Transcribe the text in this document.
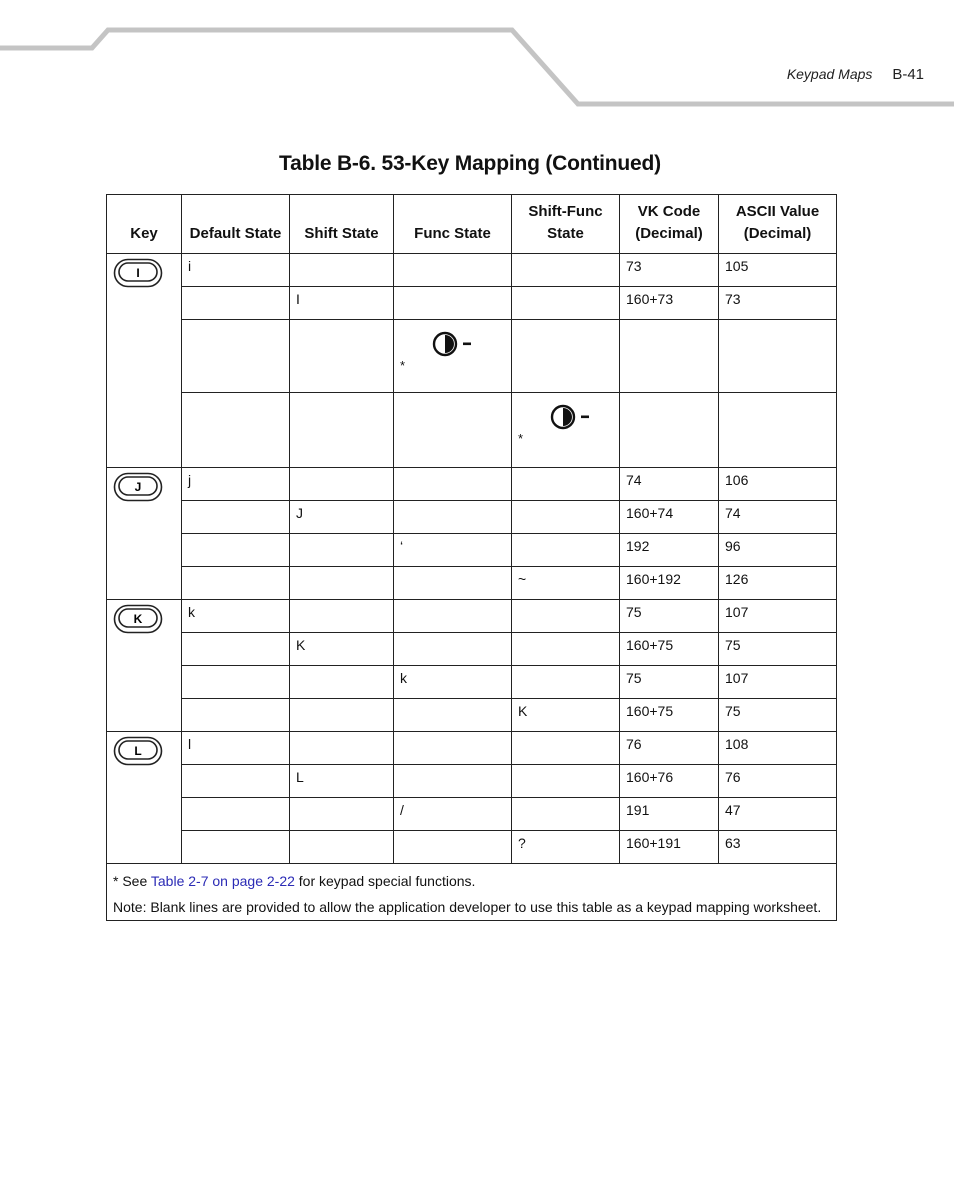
Keypad Maps B-41
Table B-6. 53-Key Mapping (Continued)
Key	Default State	Shift State	Func State	Shift-Func State	VK Code (Decimal)	ASCII Value (Decimal)

I	i				73	105
		I			160+73	73

			*			

				*		

J	j				74	106
		J			160+74	74
			‘		192	96
				~	160+192	126

K	k				75	107
		K			160+75	75
			k		75	107
				K	160+75	75

L	l				76	108
		L			160+76	76
			/		191	47
				?	160+191	63

* See Table 2-7 on page 2-22 for keypad special functions.
Note: Blank lines are provided to allow the application developer to use this table as a keypad mapping worksheet.						
